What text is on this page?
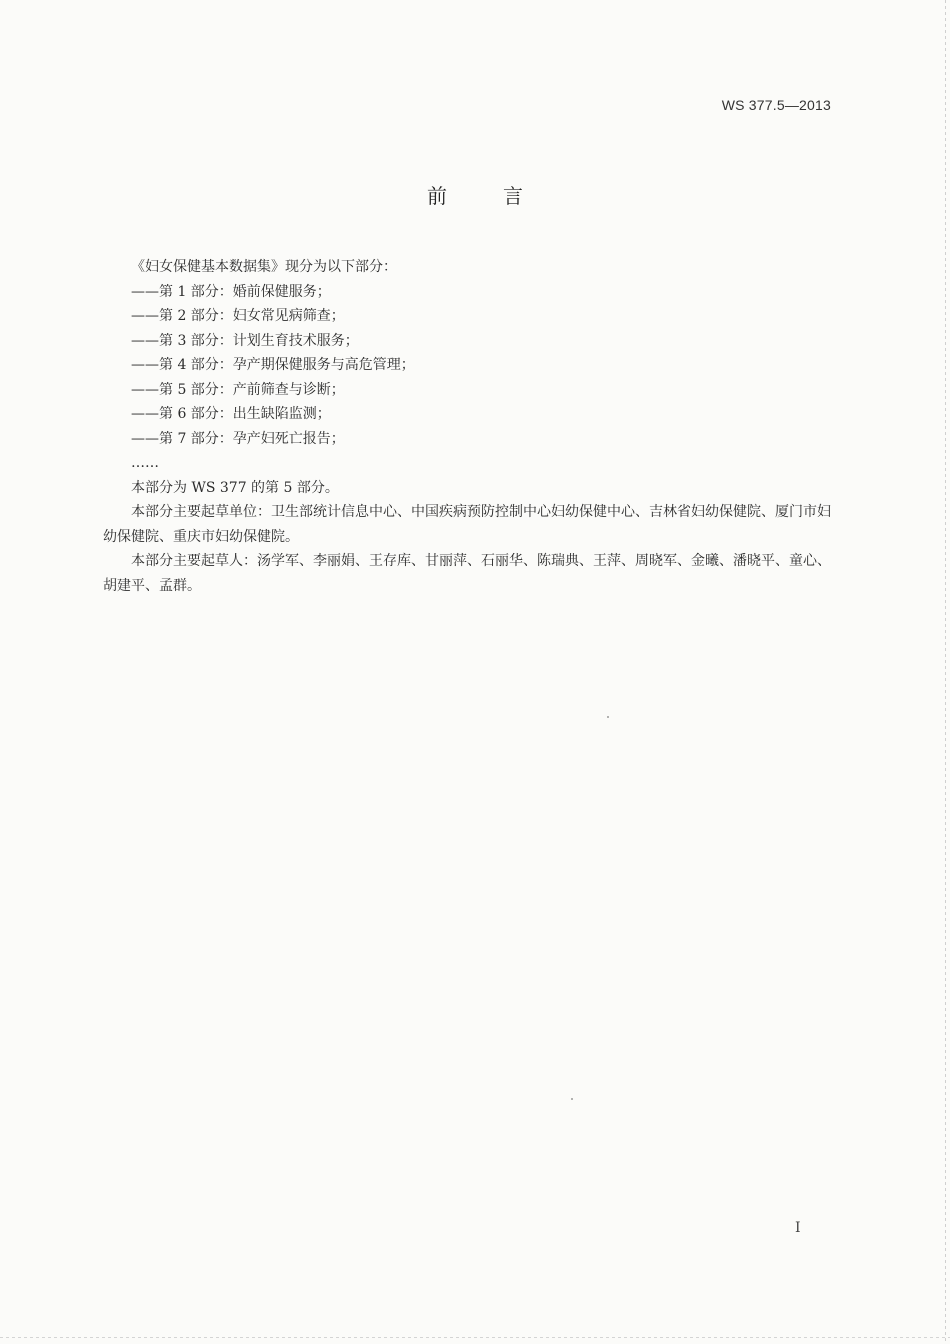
WS 377.5—2013
前言
《妇女保健基本数据集》现分为以下部分：
——第 1 部分：婚前保健服务；
——第 2 部分：妇女常见病筛查；
——第 3 部分：计划生育技术服务；
——第 4 部分：孕产期保健服务与高危管理；
——第 5 部分：产前筛查与诊断；
——第 6 部分：出生缺陷监测；
——第 7 部分：孕产妇死亡报告；
……
本部分为 WS 377 的第 5 部分。
本部分主要起草单位：卫生部统计信息中心、中国疾病预防控制中心妇幼保健中心、吉林省妇幼保健院、厦门市妇幼保健院、重庆市妇幼保健院。
本部分主要起草人：汤学军、李丽娟、王存库、甘丽萍、石丽华、陈瑞典、王萍、周晓军、金曦、潘晓平、童心、胡建平、孟群。
I
